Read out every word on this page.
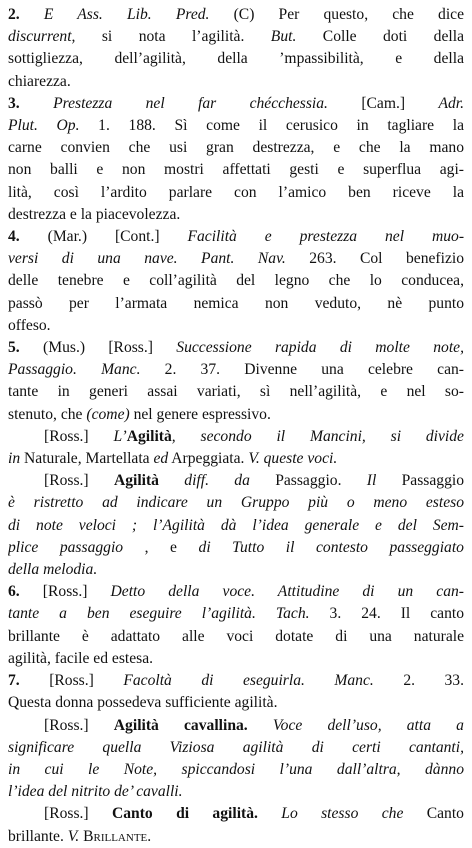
2. E Ass. Lib. Pred. (C) Per questo, che dice
discurrent, si nota l’agilità. But. Colle doti della
sottigliezza, dell’agilità, della ’mpassibilità, e della
chiarezza.
3. Prestezza nel far chécchessia. [Cam.] Adr.
Plut. Op. 1. 188. Sì come il cerusico in tagliare la
carne convien che usi gran destrezza, e che la mano
non balli e non mostri affettati gesti e superflua agi-
lità, così l’ardito parlare con l’amico ben riceve la
destrezza e la piacevolezza.
4. (Mar.) [Cont.] Facilità e prestezza nel muo-
versi di una nave. Pant. Nav. 263. Col benefizio
delle tenebre e coll’agilità del legno che lo conducea,
passò per l’armata nemica non veduto, nè punto
offeso.
5. (Mus.) [Ross.] Successione rapida di molte note,
Passaggio. Manc. 2. 37. Divenne una celebre can-
tante in generi assai variati, sì nell’agilità, e nel so-
stenuto, che (come) nel genere espressivo.
[Ross.] L’Agilità, secondo il Mancini, si divide
in Naturale, Martellata ed Arpeggiata. V. queste voci.
[Ross.] Agilità diff. da Passaggio. Il Passaggio
è ristretto ad indicare un Gruppo più o meno esteso
di note veloci ; l’Agilità dà l’idea generale e del Sem-
plice passaggio , e di Tutto il contesto passeggiato
della melodia.
6. [Ross.] Detto della voce. Attitudine di un can-
tante a ben eseguire l’agilità. Tach. 3. 24. Il canto
brillante è adattato alle voci dotate di una naturale
agilità, facile ed estesa.
7. [Ross.] Facoltà di eseguirla. Manc. 2. 33.
Questa donna possedeva sufficiente agilità.
[Ross.] Agilità cavallina. Voce dell’uso, atta a
significare quella Viziosa agilità di certi cantanti,
in cui le Note, spiccandosi l’una dall’altra, dànno
l’idea del nitrito de’ cavalli.
[Ross.] Canto di agilità. Lo stesso che Canto
brillante. V. Brillante.
